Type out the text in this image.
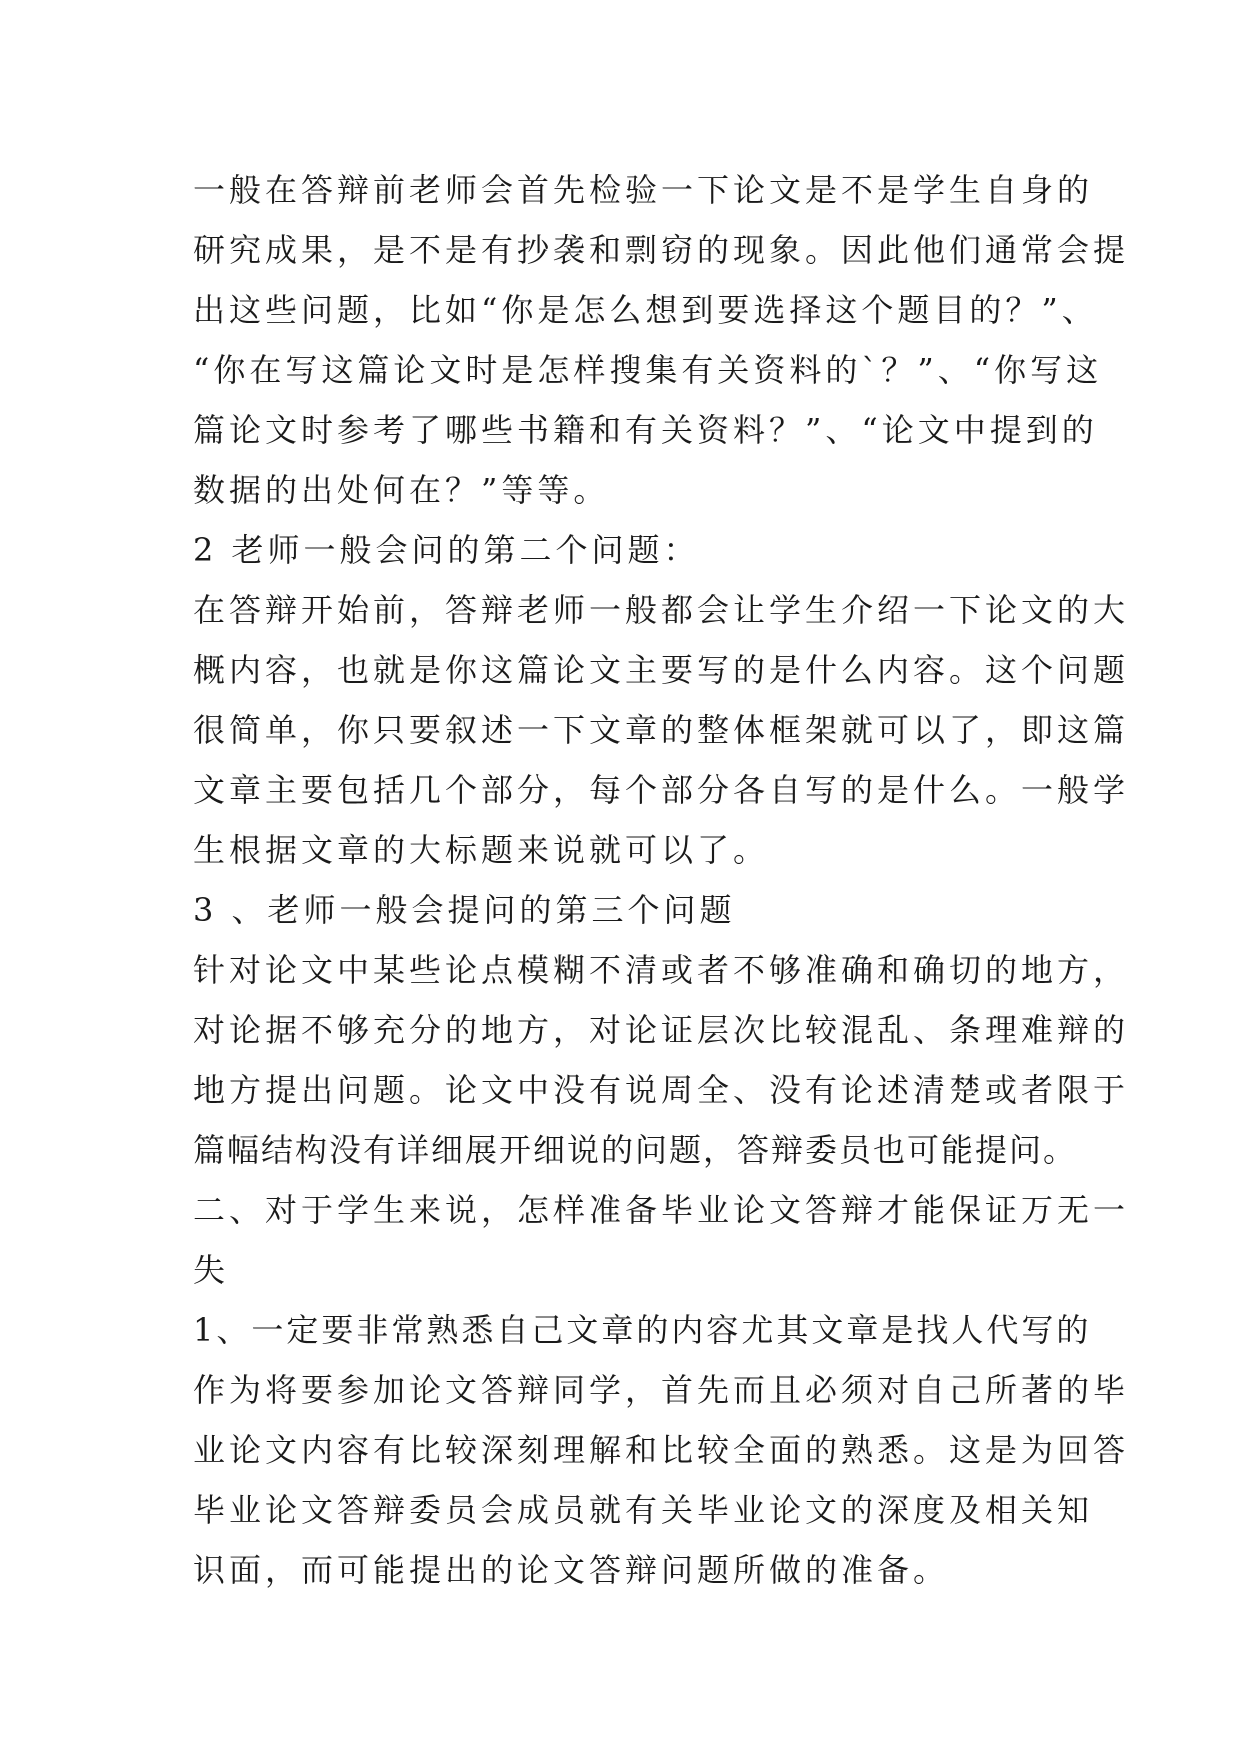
一般在答辩前老师会首先检验一下论文是不是学生自身的
研究成果，是不是有抄袭和剽窃的现象。因此他们通常会提
出这些问题，比如“你是怎么想到要选择这个题目的？”、
“你在写这篇论文时是怎样搜集有关资料的`？”、“你写这
篇论文时参考了哪些书籍和有关资料？”、“论文中提到的
数据的出处何在？”等等。
2 老师一般会问的第二个问题：
在答辩开始前，答辩老师一般都会让学生介绍一下论文的大
概内容，也就是你这篇论文主要写的是什么内容。这个问题
很简单，你只要叙述一下文章的整体框架就可以了，即这篇
文章主要包括几个部分，每个部分各自写的是什么。一般学
生根据文章的大标题来说就可以了。
3 、老师一般会提问的第三个问题
针对论文中某些论点模糊不清或者不够准确和确切的地方，
对论据不够充分的地方，对论证层次比较混乱、条理难辩的
地方提出问题。论文中没有说周全、没有论述清楚或者限于
篇幅结构没有详细展开细说的问题，答辩委员也可能提问。
二、对于学生来说，怎样准备毕业论文答辩才能保证万无一
失
1、一定要非常熟悉自己文章的内容尤其文章是找人代写的
作为将要参加论文答辩同学，首先而且必须对自己所著的毕
业论文内容有比较深刻理解和比较全面的熟悉。这是为回答
毕业论文答辩委员会成员就有关毕业论文的深度及相关知
识面，而可能提出的论文答辩问题所做的准备。
